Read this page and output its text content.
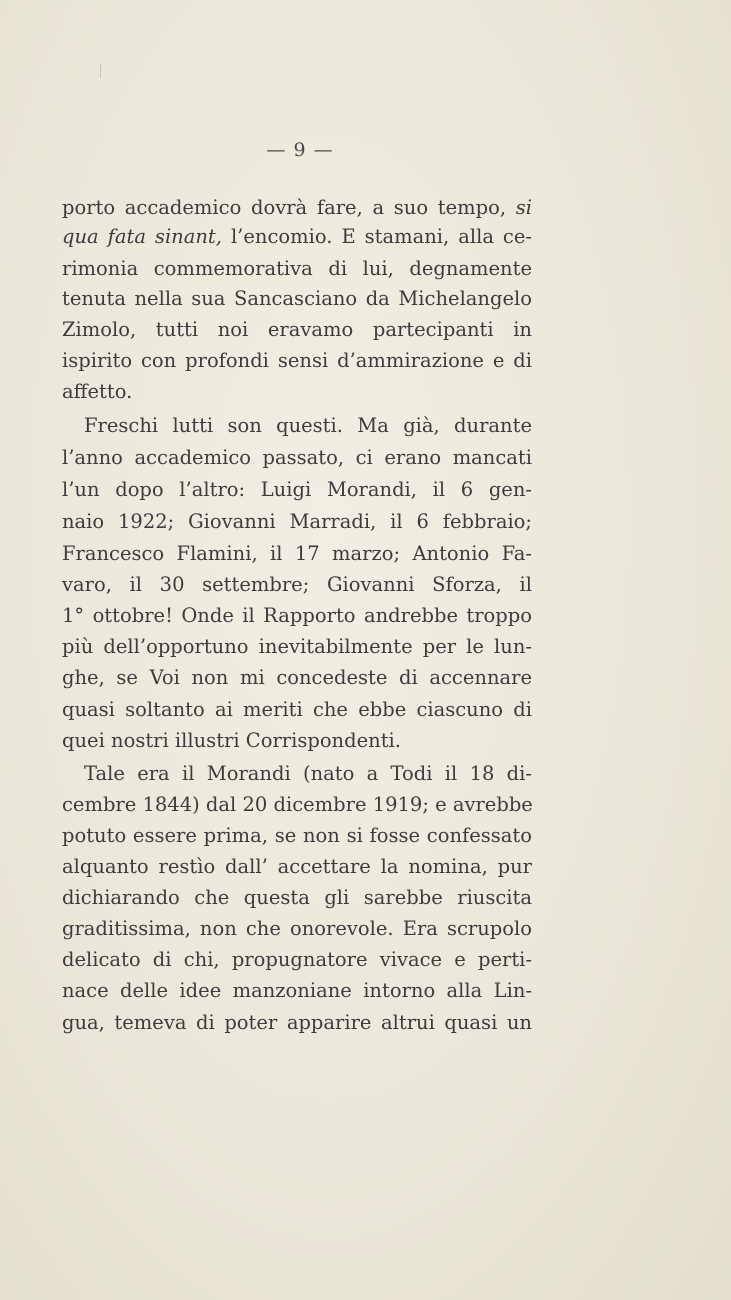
— 9 —
porto accademico dovrà fare, a suo tempo, si
qua fata sinant, l’encomio. E stamani, alla ce-
rimonia commemorativa di lui, degnamente
tenuta nella sua Sancasciano da Michelangelo
Zimolo, tutti noi eravamo partecipanti in
ispirito con profondi sensi d’ammirazione e di
affetto.
Freschi lutti son questi. Ma già, durante
l’anno accademico passato, ci erano mancati
l’un dopo l’altro: Luigi Morandi, il 6 gen-
naio 1922; Giovanni Marradi, il 6 febbraio;
Francesco Flamini, il 17 marzo; Antonio Fa-
varo, il 30 settembre; Giovanni Sforza, il
1° ottobre! Onde il Rapporto andrebbe troppo
più dell’opportuno inevitabilmente per le lun-
ghe, se Voi non mi concedeste di accennare
quasi soltanto ai meriti che ebbe ciascuno di
quei nostri illustri Corrispondenti.
Tale era il Morandi (nato a Todi il 18 di-
cembre 1844) dal 20 dicembre 1919; e avrebbe
potuto essere prima, se non si fosse confessato
alquanto restìo dall’ accettare la nomina, pur
dichiarando che questa gli sarebbe riuscita
graditissima, non che onorevole. Era scrupolo
delicato di chi, propugnatore vivace e perti-
nace delle idee manzoniane intorno alla Lin-
gua, temeva di poter apparire altrui quasi un
